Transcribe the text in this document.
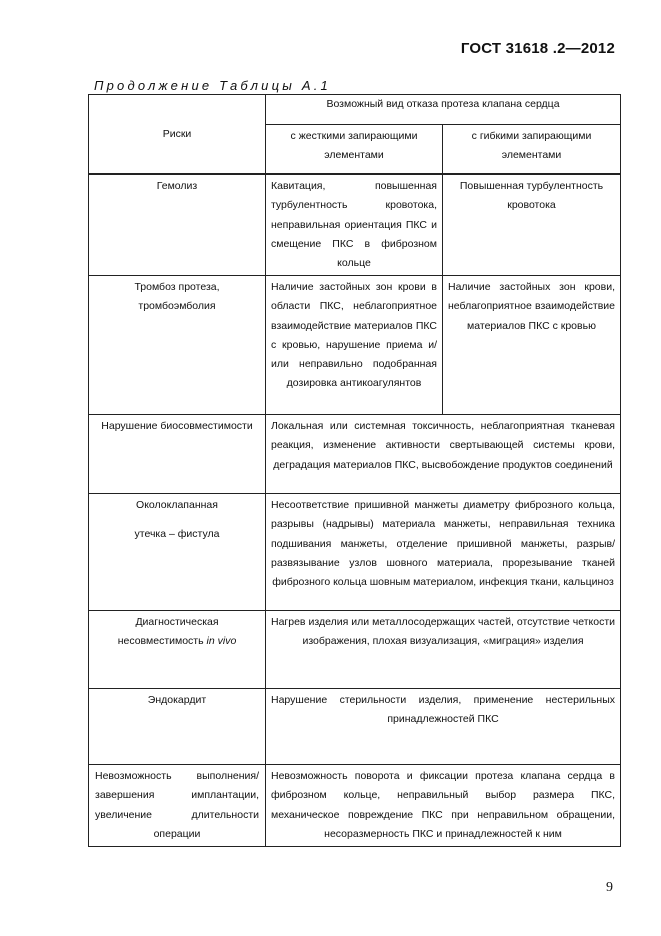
ГОСТ 31618 .2—2012
Продолжение Таблицы А.1
Риски	Возможный вид отказа протеза клапана сердца	
	с жесткими запирающими элементами	с гибкими запирающими элементами
Гемолиз	Кавитация, повышенная турбулентность кровотока, неправильная ориентация ПКС и смещение ПКС в фиброзном кольце	Повышенная турбулентность кровотока
Тромбоз протеза, тромбоэмболия	Наличие застойных зон крови в области ПКС, неблагоприятное взаимодействие материалов ПКС с кровью, нарушение приема и/или неправильно подобранная дозировка антикоагулянтов	Наличие застойных зон крови, неблагоприятное взаимодействие материалов ПКС с кровью
Нарушение биосовместимости	Локальная или системная токсичность, неблагоприятная тканевая реакция, изменение активности свертывающей системы крови, деградация материалов ПКС, высвобождение продуктов соединений	
Околоклапанная
утечка – фистула	Несоответствие пришивной манжеты диаметру фиброзного кольца, разрывы (надрывы) материала манжеты, неправильная техника подшивания манжеты, отделение пришивной манжеты, разрыв/развязывание узлов шовного материала, прорезывание тканей фиброзного кольца шовным материалом, инфекция ткани, кальциноз	
Диагностическая несовместимость in vivo	Нагрев изделия или металлосодержащих частей, отсутствие четкости изображения, плохая визуализация, «миграция» изделия	
Эндокардит	Нарушение стерильности изделия, применение нестерильных принадлежностей ПКС	
Невозможность выполнения/завершения имплантации, увеличение длительности операции	Невозможность поворота и фиксации протеза клапана сердца в фиброзном кольце, неправильный выбор размера ПКС, механическое повреждение ПКС при неправильном обращении, несоразмерность ПКС и принадлежностей к ним	
9
